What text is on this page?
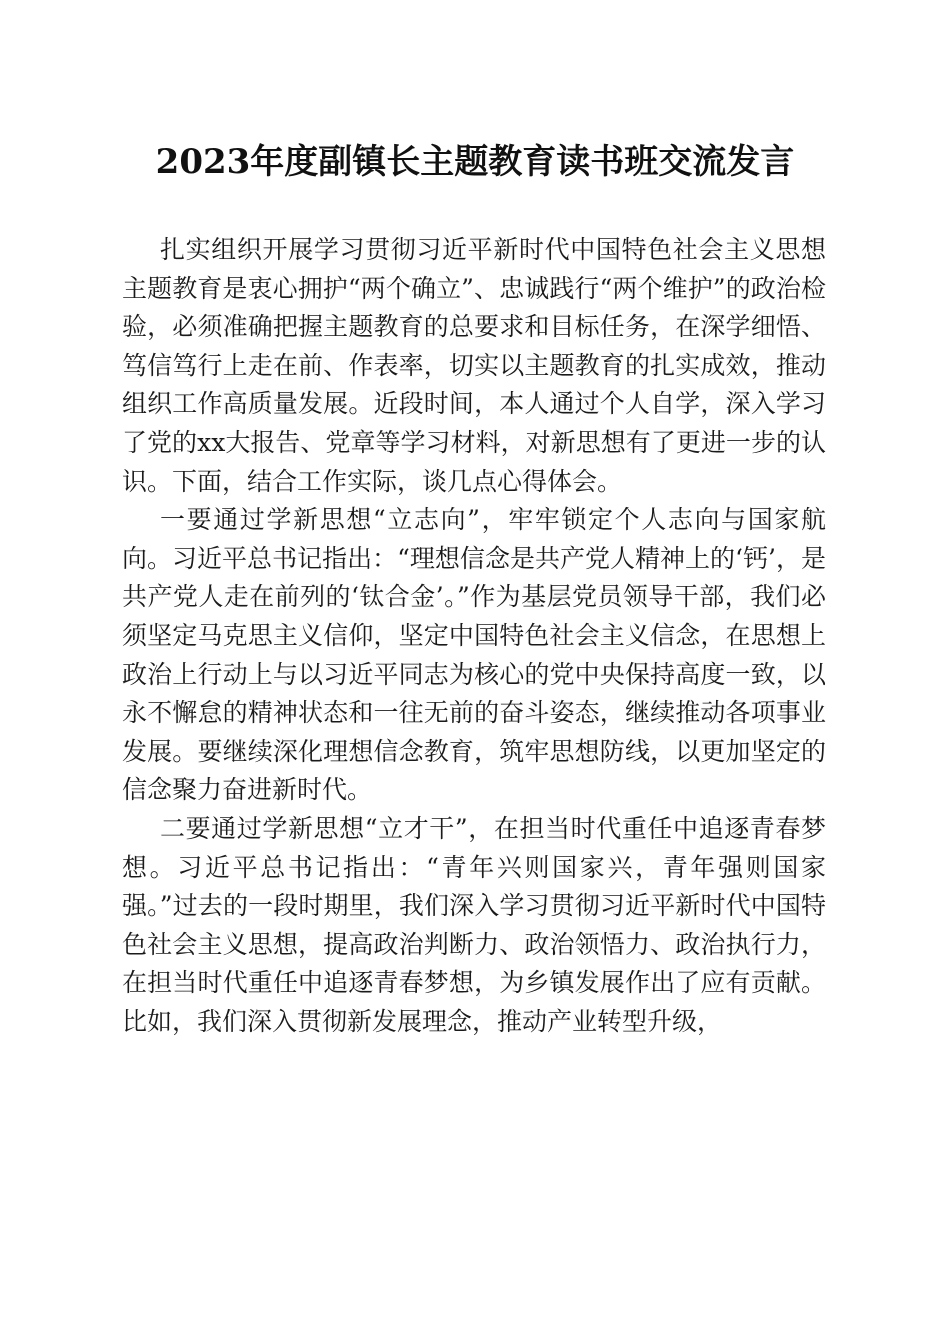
2023年度副镇长主题教育读书班交流发言

扎实组织开展学习贯彻习近平新时代中国特色社会主义思想主题教育是衷心拥护“两个确立”、忠诚践行“两个维护”的政治检验，必须准确把握主题教育的总要求和目标任务，在深学细悟、笃信笃行上走在前、作表率，切实以主题教育的扎实成效，推动组织工作高质量发展。近段时间，本人通过个人自学，深入学习了党的xx大报告、党章等学习材料，对新思想有了更进一步的认识。下面，结合工作实际，谈几点心得体会。

一要通过学新思想“立志向”，牢牢锁定个人志向与国家航向。习近平总书记指出：“理想信念是共产党人精神上的‘钙’，是共产党人走在前列的‘钛合金’。”作为基层党员领导干部，我们必须坚定马克思主义信仰，坚定中国特色社会主义信念，在思想上政治上行动上与以习近平同志为核心的党中央保持高度一致，以永不懈怠的精神状态和一往无前的奋斗姿态，继续推动各项事业发展。要继续深化理想信念教育，筑牢思想防线，以更加坚定的信念聚力奋进新时代。

二要通过学新思想“立才干”，在担当时代重任中追逐青春梦想。习近平总书记指出：“青年兴则国家兴，青年强则国家强。”过去的一段时期里，我们深入学习贯彻习近平新时代中国特色社会主义思想，提高政治判断力、政治领悟力、政治执行力，在担当时代重任中追逐青春梦想，为乡镇发展作出了应有贡献。比如，我们深入贯彻新发展理念，推动产业转型升级，
